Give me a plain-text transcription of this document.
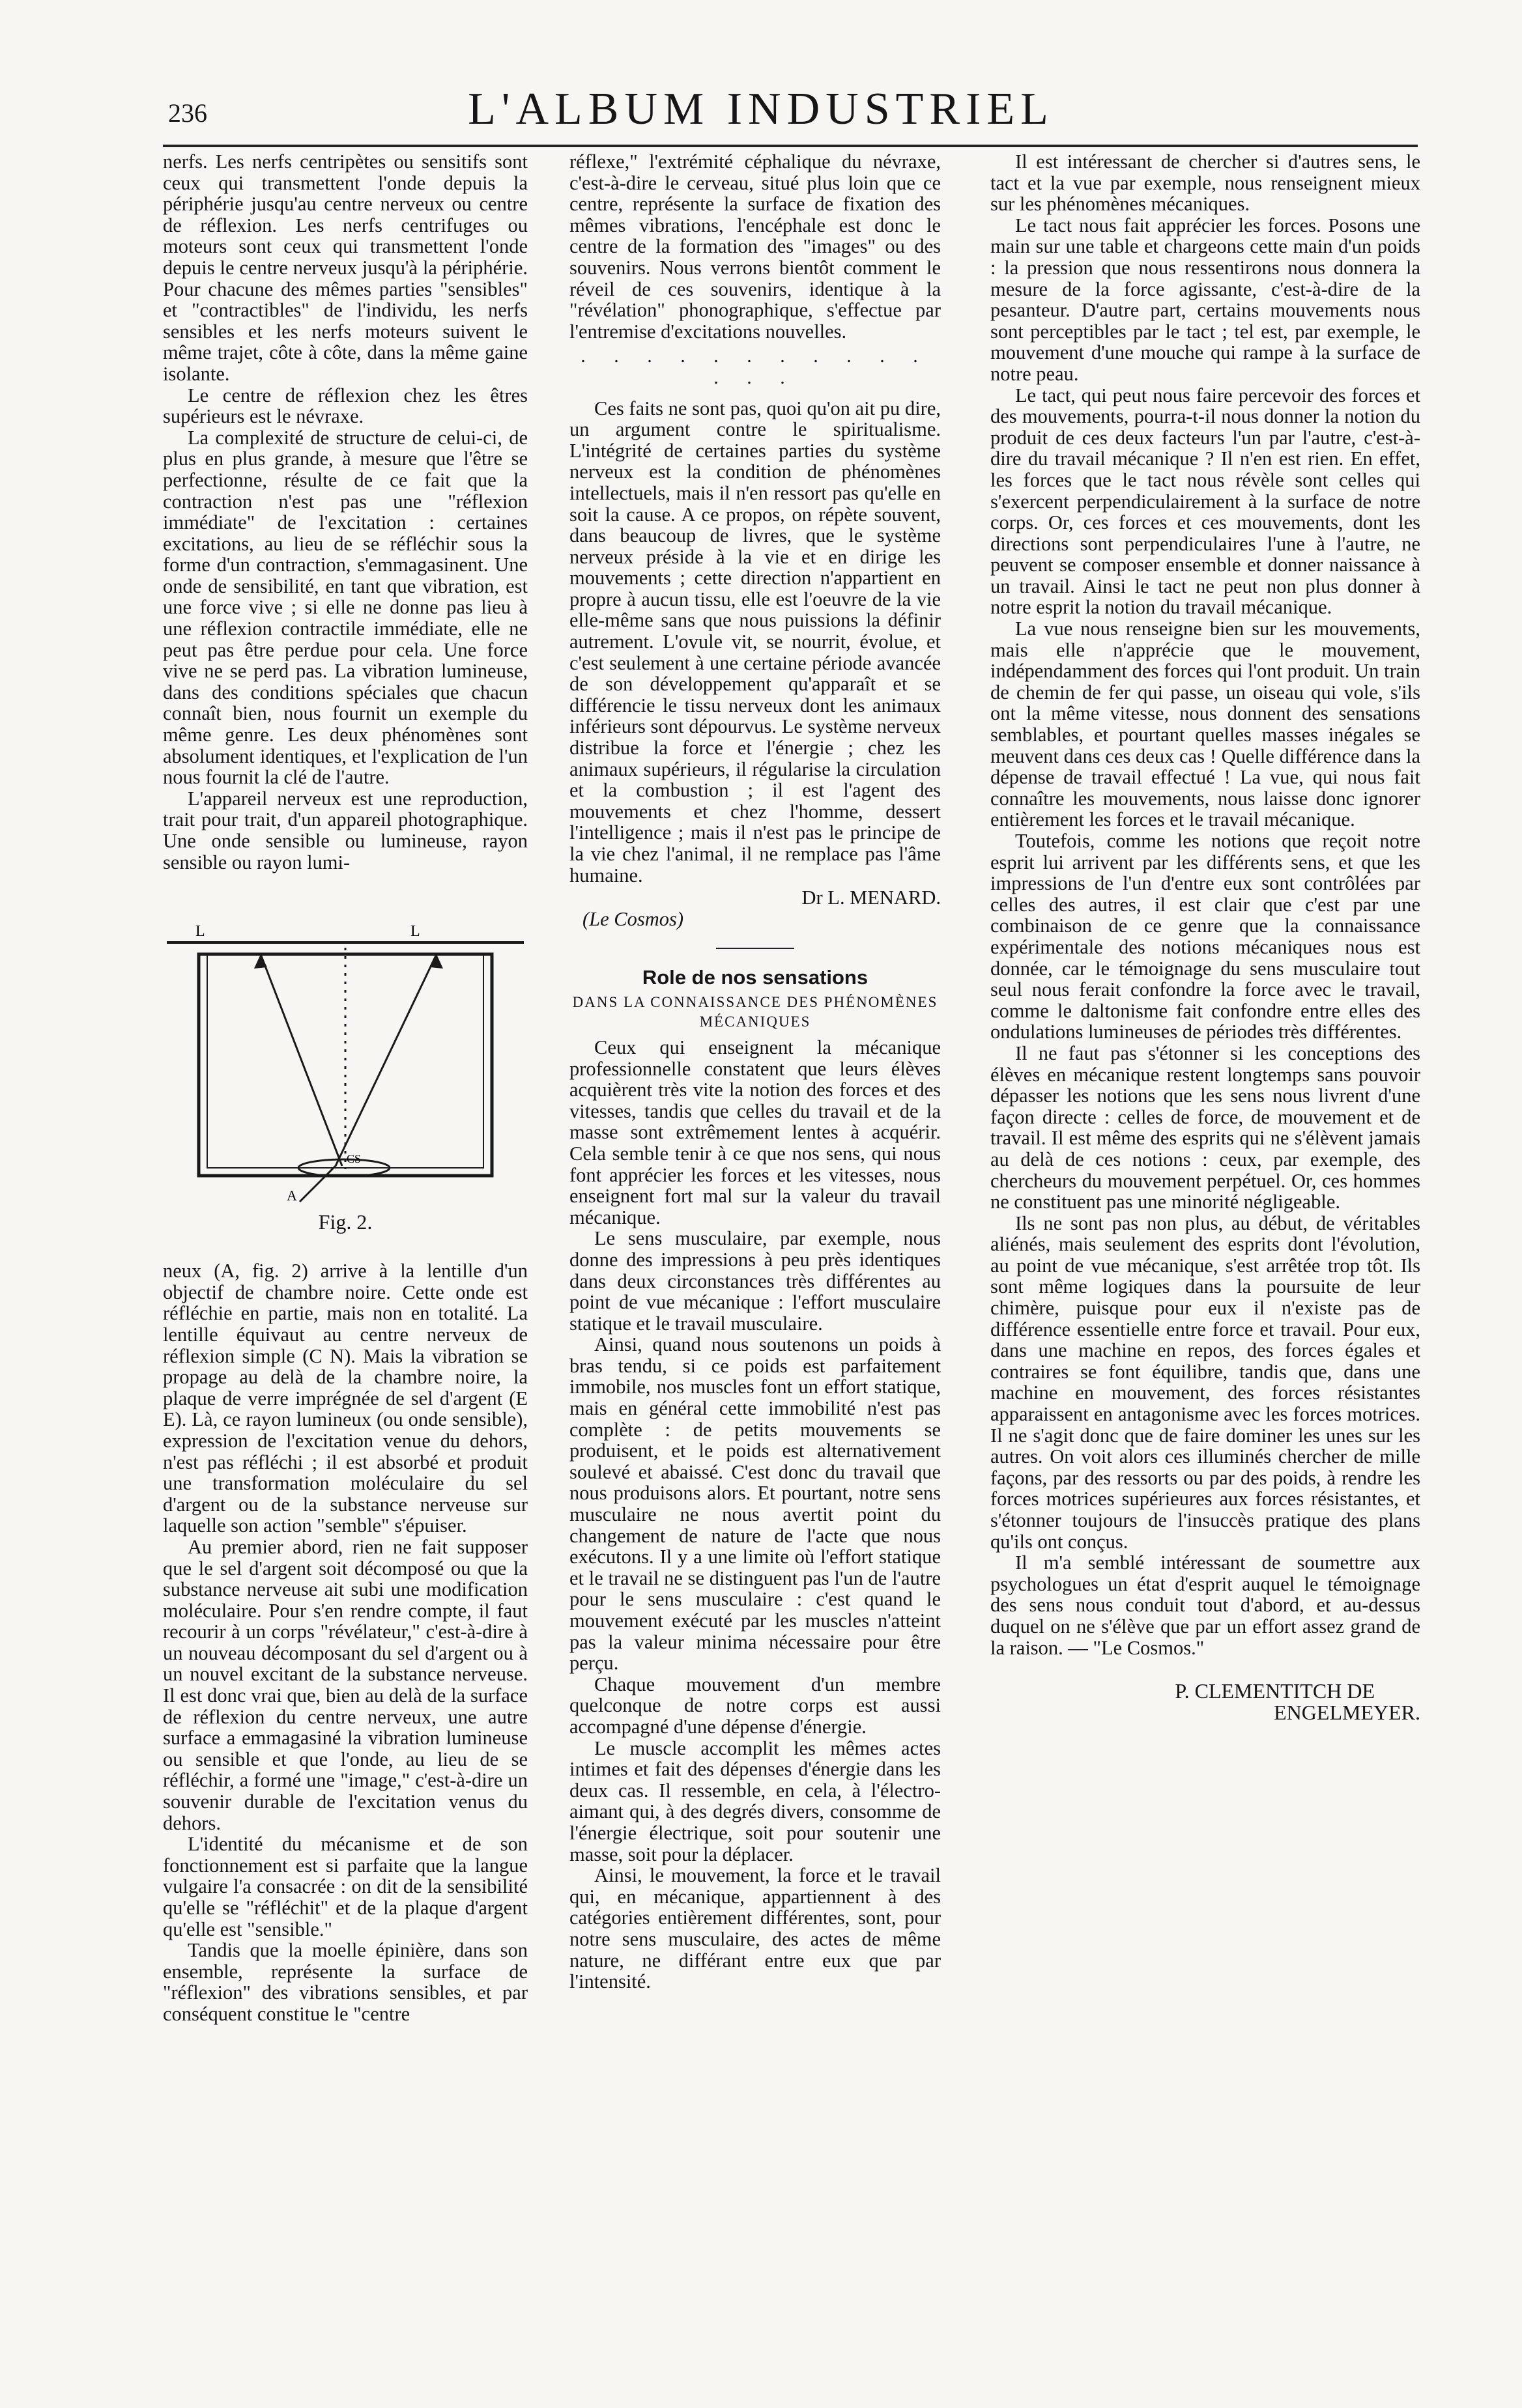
236	L'ALBUM INDUSTRIEL

nerfs. Les nerfs centripètes ou sensitifs sont ceux qui transmettent l'onde depuis la périphérie jusqu'au centre nerveux ou centre de réflexion. Les nerfs centrifuges ou moteurs sont ceux qui transmettent l'onde depuis le centre nerveux jusqu'à la périphérie. Pour chacune des mêmes parties "sensibles" et "contractibles" de l'individu, les nerfs sensibles et les nerfs moteurs suivent le même trajet, côte à côte, dans la même gaine isolante.

Le centre de réflexion chez les êtres supérieurs est le névraxe.

La complexité de structure de celui-ci, de plus en plus grande, à mesure que l'être se perfectionne, résulte de ce fait que la contraction n'est pas une "réflexion immédiate" de l'excitation : certaines excitations, au lieu de se réfléchir sous la forme d'un contraction, s'emmagasinent. Une onde de sensibilité, en tant que vibration, est une force vive ; si elle ne donne pas lieu à une réflexion contractile immédiate, elle ne peut pas être perdue pour cela. Une force vive ne se perd pas. La vibration lumineuse, dans des conditions spéciales que chacun connaît bien, nous fournit un exemple du même genre. Les deux phénomènes sont absolument identiques, et l'explication de l'un nous fournit la clé de l'autre.

L'appareil nerveux est une reproduction, trait pour trait, d'un appareil photographique. Une onde sensible ou lumineuse, rayon sensible ou rayon lumi-

L	L
CS
A
Fig. 2.

neux (A, fig. 2) arrive à la lentille d'un objectif de chambre noire. Cette onde est réfléchie en partie, mais non en totalité. La lentille équivaut au centre nerveux de réflexion simple (C N). Mais la vibration se propage au delà de la chambre noire, la plaque de verre imprégnée de sel d'argent (E E). Là, ce rayon lumineux (ou onde sensible), expression de l'excitation venue du dehors, n'est pas réfléchi ; il est absorbé et produit une transformation moléculaire du sel d'argent ou de la substance nerveuse sur laquelle son action "semble" s'épuiser.

Au premier abord, rien ne fait supposer que le sel d'argent soit décomposé ou que la substance nerveuse ait subi une modification moléculaire. Pour s'en rendre compte, il faut recourir à un corps "révélateur," c'est-à-dire à un nouveau décomposant du sel d'argent ou à un nouvel excitant de la substance nerveuse. Il est donc vrai que, bien au delà de la surface de réflexion du centre nerveux, une autre surface a emmagasiné la vibration lumineuse ou sensible et que l'onde, au lieu de se réfléchir, a formé une "image," c'est-à-dire un souvenir durable de l'excitation venus du dehors.

L'identité du mécanisme et de son fonctionnement est si parfaite que la langue vulgaire l'a consacrée : on dit de la sensibilité qu'elle se "réfléchit" et de la plaque d'argent qu'elle est "sensible."

Tandis que la moelle épinière, dans son ensemble, représente la surface de "réflexion" des vibrations sensibles, et par conséquent constitue le "centre

réflexe," l'extrémité céphalique du névraxe, c'est-à-dire le cerveau, situé plus loin que ce centre, représente la surface de fixation des mêmes vibrations, l'encéphale est donc le centre de la formation des "images" ou des souvenirs. Nous verrons bientôt comment le réveil de ces souvenirs, identique à la "révélation" phonographique, s'effectue par l'entremise d'excitations nouvelles.

. . . . . . . . . . . . . .

Ces faits ne sont pas, quoi qu'on ait pu dire, un argument contre le spiritualisme. L'intégrité de certaines parties du système nerveux est la condition de phénomènes intellectuels, mais il n'en ressort pas qu'elle en soit la cause. A ce propos, on répète souvent, dans beaucoup de livres, que le système nerveux préside à la vie et en dirige les mouvements ; cette direction n'appartient en propre à aucun tissu, elle est l'oeuvre de la vie elle-même sans que nous puissions la définir autrement. L'ovule vit, se nourrit, évolue, et c'est seulement à une certaine période avancée de son développement qu'apparaît et se différencie le tissu nerveux dont les animaux inférieurs sont dépourvus. Le système nerveux distribue la force et l'énergie ; chez les animaux supérieurs, il régularise la circulation et la combustion ; il est l'agent des mouvements et chez l'homme, dessert l'intelligence ; mais il n'est pas le principe de la vie chez l'animal, il ne remplace pas l'âme humaine.

Dr L. MENARD.
(Le Cosmos)
Role de nos sensations
DANS LA CONNAISSANCE DES PHÉNOMÈNES MÉCANIQUES

Ceux qui enseignent la mécanique professionnelle constatent que leurs élèves acquièrent très vite la notion des forces et des vitesses, tandis que celles du travail et de la masse sont extrêmement lentes à acquérir. Cela semble tenir à ce que nos sens, qui nous font apprécier les forces et les vitesses, nous enseignent fort mal sur la valeur du travail mécanique.

Le sens musculaire, par exemple, nous donne des impressions à peu près identiques dans deux circonstances très différentes au point de vue mécanique : l'effort musculaire statique et le travail musculaire.

Ainsi, quand nous soutenons un poids à bras tendu, si ce poids est parfaitement immobile, nos muscles font un effort statique, mais en général cette immobilité n'est pas complète : de petits mouvements se produisent, et le poids est alternativement soulevé et abaissé. C'est donc du travail que nous produisons alors. Et pourtant, notre sens musculaire ne nous avertit point du changement de nature de l'acte que nous exécutons. Il y a une limite où l'effort statique et le travail ne se distinguent pas l'un de l'autre pour le sens musculaire : c'est quand le mouvement exécuté par les muscles n'atteint pas la valeur minima nécessaire pour être perçu.

Chaque mouvement d'un membre quelconque de notre corps est aussi accompagné d'une dépense d'énergie.

Le muscle accomplit les mêmes actes intimes et fait des dépenses d'énergie dans les deux cas. Il ressemble, en cela, à l'électro-aimant qui, à des degrés divers, consomme de l'énergie électrique, soit pour soutenir une masse, soit pour la déplacer.

Ainsi, le mouvement, la force et le travail qui, en mécanique, appartiennent à des catégories entièrement différentes, sont, pour notre sens musculaire, des actes de même nature, ne différant entre eux que par l'intensité.

Il est intéressant de chercher si d'autres sens, le tact et la vue par exemple, nous renseignent mieux sur les phénomènes mécaniques.

Le tact nous fait apprécier les forces. Posons une main sur une table et chargeons cette main d'un poids : la pression que nous ressentirons nous donnera la mesure de la force agissante, c'est-à-dire de la pesanteur. D'autre part, certains mouvements nous sont perceptibles par le tact ; tel est, par exemple, le mouvement d'une mouche qui rampe à la surface de notre peau.

Le tact, qui peut nous faire percevoir des forces et des mouvements, pourra-t-il nous donner la notion du produit de ces deux facteurs l'un par l'autre, c'est-à-dire du travail mécanique ? Il n'en est rien. En effet, les forces que le tact nous révèle sont celles qui s'exercent perpendiculairement à la surface de notre corps. Or, ces forces et ces mouvements, dont les directions sont perpendiculaires l'une à l'autre, ne peuvent se composer ensemble et donner naissance à un travail. Ainsi le tact ne peut non plus donner à notre esprit la notion du travail mécanique.

La vue nous renseigne bien sur les mouvements, mais elle n'apprécie que le mouvement, indépendamment des forces qui l'ont produit. Un train de chemin de fer qui passe, un oiseau qui vole, s'ils ont la même vitesse, nous donnent des sensations semblables, et pourtant quelles masses inégales se meuvent dans ces deux cas ! Quelle différence dans la dépense de travail effectué ! La vue, qui nous fait connaître les mouvements, nous laisse donc ignorer entièrement les forces et le travail mécanique.

Toutefois, comme les notions que reçoit notre esprit lui arrivent par les différents sens, et que les impressions de l'un d'entre eux sont contrôlées par celles des autres, il est clair que c'est par une combinaison de ce genre que la connaissance expérimentale des notions mécaniques nous est donnée, car le témoignage du sens musculaire tout seul nous ferait confondre la force avec le travail, comme le daltonisme fait confondre entre elles des ondulations lumineuses de périodes très différentes.

Il ne faut pas s'étonner si les conceptions des élèves en mécanique restent longtemps sans pouvoir dépasser les notions que les sens nous livrent d'une façon directe : celles de force, de mouvement et de travail. Il est même des esprits qui ne s'élèvent jamais au delà de ces notions : ceux, par exemple, des chercheurs du mouvement perpétuel. Or, ces hommes ne constituent pas une minorité négligeable.

Ils ne sont pas non plus, au début, de véritables aliénés, mais seulement des esprits dont l'évolution, au point de vue mécanique, s'est arrêtée trop tôt. Ils sont même logiques dans la poursuite de leur chimère, puisque pour eux il n'existe pas de différence essentielle entre force et travail. Pour eux, dans une machine en repos, des forces égales et contraires se font équilibre, tandis que, dans une machine en mouvement, des forces résistantes apparaissent en antagonisme avec les forces motrices. Il ne s'agit donc que de faire dominer les unes sur les autres. On voit alors ces illuminés chercher de mille façons, par des ressorts ou par des poids, à rendre les forces motrices supérieures aux forces résistantes, et s'étonner toujours de l'insuccès pratique des plans qu'ils ont conçus.

Il m'a semblé intéressant de soumettre aux psychologues un état d'esprit auquel le témoignage des sens nous conduit tout d'abord, et au-dessus duquel on ne s'élève que par un effort assez grand de la raison. — "Le Cosmos."

P. CLEMENTITCH DE
ENGELMEYER.
